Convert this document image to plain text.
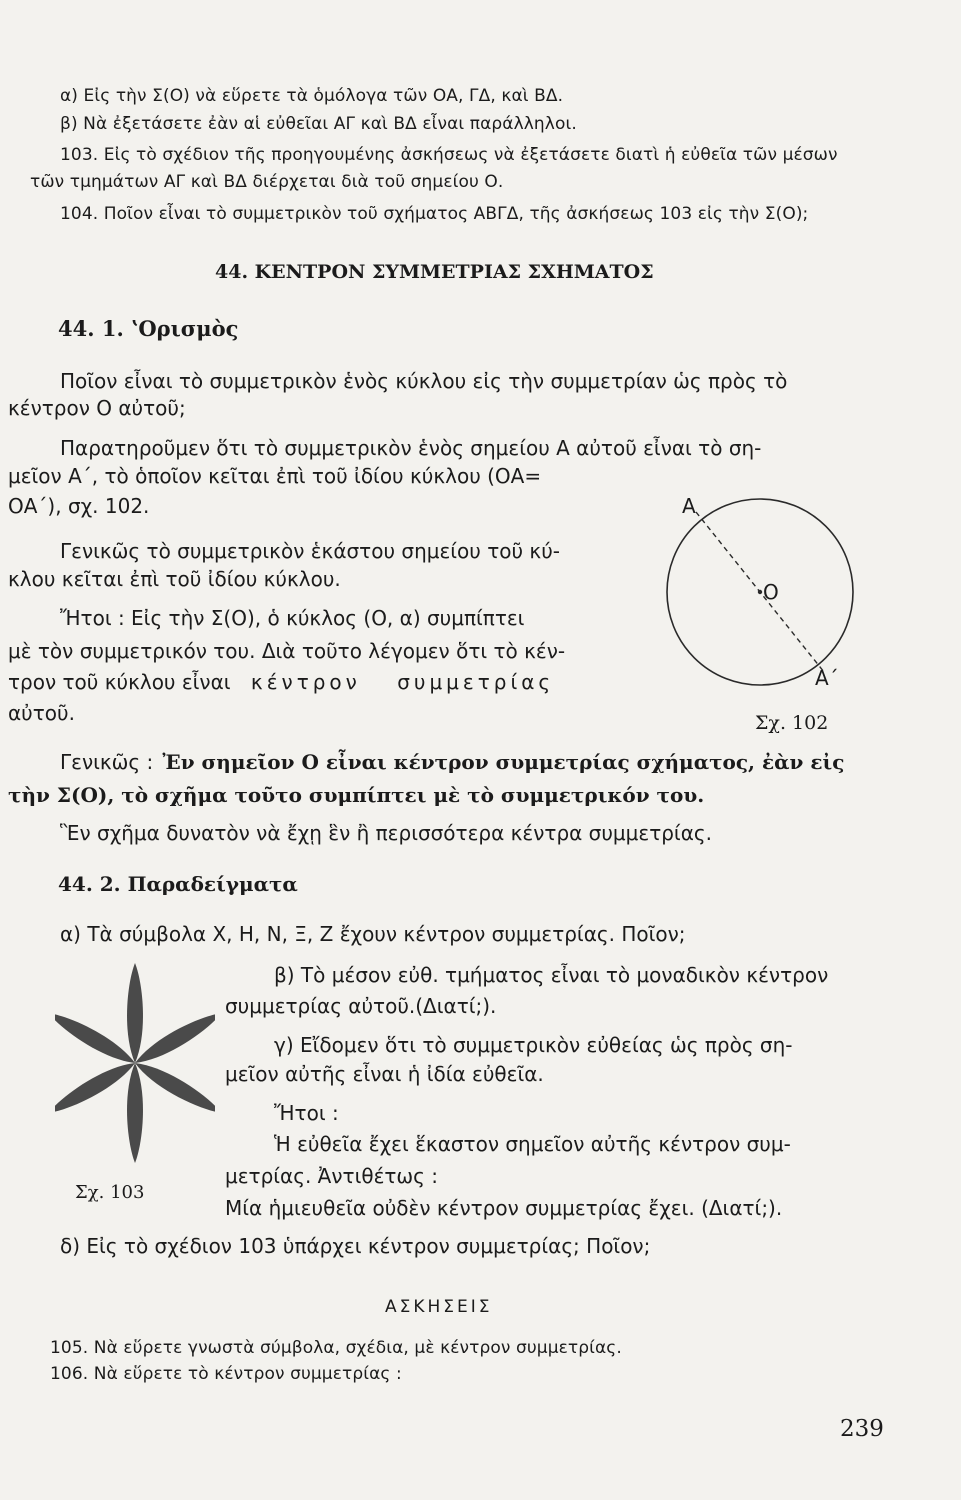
α) Εἰς τὴν Σ(Ο) νὰ εὕρετε τὰ ὁμόλογα τῶν ΟΑ, ΓΔ, καὶ ΒΔ.
β) Νὰ ἐξετάσετε ἐὰν αἱ εὐθεῖαι ΑΓ καὶ ΒΔ εἶναι παράλληλοι.
103. Εἰς τὸ σχέδιον τῆς προηγουμένης ἀσκήσεως νὰ ἐξετάσετε διατὶ ἡ εὐθεῖα τῶν μέσων
τῶν τμημάτων ΑΓ καὶ ΒΔ διέρχεται διὰ τοῦ σημείου Ο.
104. Ποῖον εἶναι τὸ συμμετρικὸν τοῦ σχήματος ΑΒΓΔ, τῆς ἀσκήσεως 103 εἰς τὴν Σ(Ο);
44. ΚΕΝΤΡΟΝ ΣΥΜΜΕΤΡΙΑΣ ΣΧΗΜΑΤΟΣ
44. 1. ʽΟρισμὸς
Ποῖον εἶναι τὸ συμμετρικὸν ἑνὸς κύκλου εἰς τὴν συμμετρίαν ὡς πρὸς τὸ
κέντρον Ο αὐτοῦ;
Παρατηροῦμεν ὅτι τὸ συμμετρικὸν ἑνὸς σημείου Α αὐτοῦ εἶναι τὸ ση-
μεῖον Α΄, τὸ ὁποῖον κεῖται ἐπὶ τοῦ ἰδίου κύκλου (ΟΑ=
ΟΑ΄), σχ. 102.
Γενικῶς τὸ συμμετρικὸν ἑκάστου σημείου τοῦ κύ-
κλου κεῖται ἐπὶ τοῦ ἰδίου κύκλου.
Ἤτοι : Εἰς τὴν Σ(Ο), ὁ κύκλος (Ο, α) συμπίπτει
μὲ τὸν συμμετρικόν του. Διὰ τοῦτο λέγομεν ὅτι τὸ κέν-
τρον τοῦ κύκλου εἶναι κέντρον συμμετρίας
αὐτοῦ.
Α
Ο
Α΄
Σχ. 102
Γενικῶς : Ἐν σημεῖον Ο εἶναι κέντρον συμμετρίας σχήματος, ἐὰν εἰς
τὴν Σ(Ο), τὸ σχῆμα τοῦτο συμπίπτει μὲ τὸ συμμετρικόν του.
Ἓν σχῆμα δυνατὸν νὰ ἔχῃ ἓν ἢ περισσότερα κέντρα συμμετρίας.
44. 2. Παραδείγματα
α) Τὰ σύμβολα Χ, Η, Ν, Ξ, Ζ ἔχουν κέντρον συμμετρίας. Ποῖον;
β) Τὸ μέσον εὐθ. τμήματος εἶναι τὸ μοναδικὸν κέντρον
συμμετρίας αὐτοῦ.(Διατί;).
γ) Εἴδομεν ὅτι τὸ συμμετρικὸν εὐθείας ὡς πρὸς ση-
μεῖον αὐτῆς εἶναι ἡ ἰδία εὐθεῖα.
Ἤτοι :
Ἡ εὐθεῖα ἔχει ἕκαστον σημεῖον αὐτῆς κέντρον συμ-
μετρίας. Ἀντιθέτως :
Μία ἡμιευθεῖα οὐδὲν κέντρον συμμετρίας ἔχει. (Διατί;).
Σχ. 103
δ) Εἰς τὸ σχέδιον 103 ὑπάρχει κέντρον συμμετρίας; Ποῖον;
ΑΣΚΗΣΕΙΣ
105. Νὰ εὕρετε γνωστὰ σύμβολα, σχέδια, μὲ κέντρον συμμετρίας.
106. Νὰ εὕρετε τὸ κέντρον συμμετρίας :
239
